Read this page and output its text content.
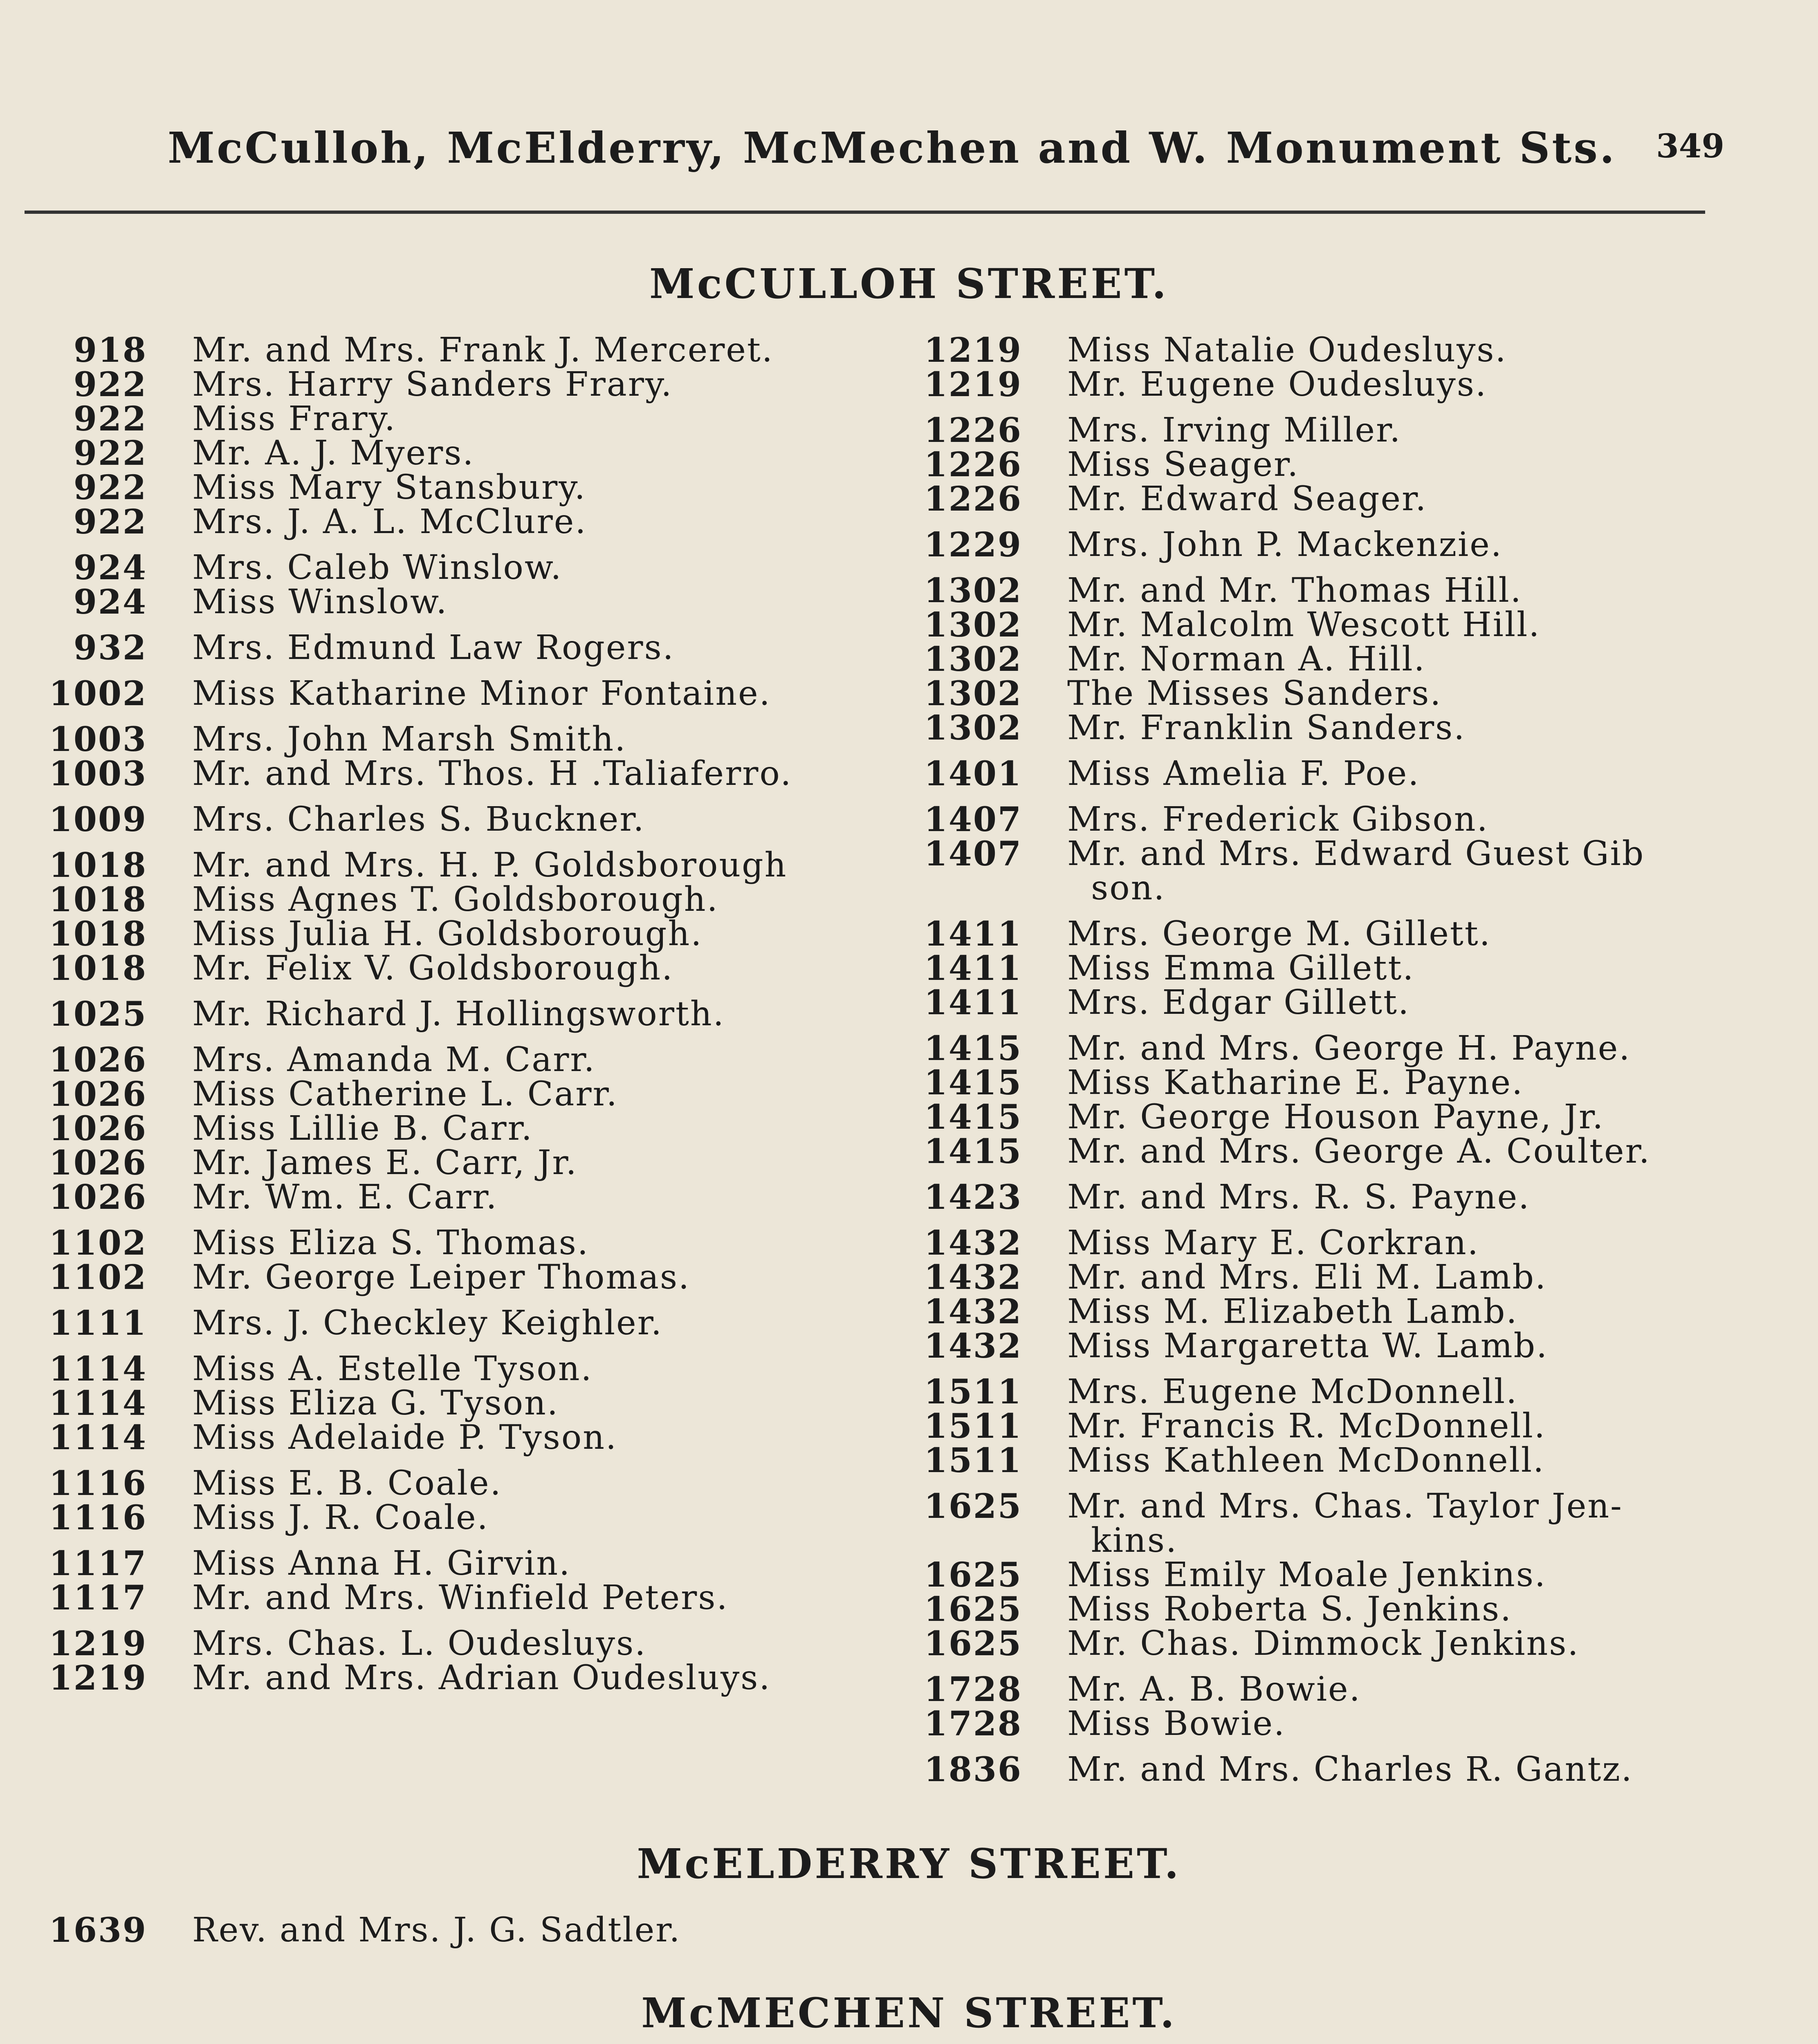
McCulloh, McElderry, McMechen and W. Monument Sts. 349
McCULLOH STREET.
918	Mr. and Mrs. Frank J. Merceret.
922	Mrs. Harry Sanders Frary.
922	Miss Frary.
922	Mr. A. J. Myers.
922	Miss Mary Stansbury.
922	Mrs. J. A. L. McClure.
924	Mrs. Caleb Winslow.
924	Miss Winslow.
932	Mrs. Edmund Law Rogers.
1002	Miss Katharine Minor Fontaine.
1003	Mrs. John Marsh Smith.
1003	Mr. and Mrs. Thos. H .Taliaferro.
1009	Mrs. Charles S. Buckner.
1018	Mr. and Mrs. H. P. Goldsborough
1018	Miss Agnes T. Goldsborough.
1018	Miss Julia H. Goldsborough.
1018	Mr. Felix V. Goldsborough.
1025	Mr. Richard J. Hollingsworth.
1026	Mrs. Amanda M. Carr.
1026	Miss Catherine L. Carr.
1026	Miss Lillie B. Carr.
1026	Mr. James E. Carr, Jr.
1026	Mr. Wm. E. Carr.
1102	Miss Eliza S. Thomas.
1102	Mr. George Leiper Thomas.
1111	Mrs. J. Checkley Keighler.
1114	Miss A. Estelle Tyson.
1114	Miss Eliza G. Tyson.
1114	Miss Adelaide P. Tyson.
1116	Miss E. B. Coale.
1116	Miss J. R. Coale.
1117	Miss Anna H. Girvin.
1117	Mr. and Mrs. Winfield Peters.
1219	Mrs. Chas. L. Oudesluys.
1219	Mr. and Mrs. Adrian Oudesluys.
1219	Miss Natalie Oudesluys.
1219	Mr. Eugene Oudesluys.
1226	Mrs. Irving Miller.
1226	Miss Seager.
1226	Mr. Edward Seager.
1229	Mrs. John P. Mackenzie.
1302	Mr. and Mr. Thomas Hill.
1302	Mr. Malcolm Wescott Hill.
1302	Mr. Norman A. Hill.
1302	The Misses Sanders.
1302	Mr. Franklin Sanders.
1401	Miss Amelia F. Poe.
1407	Mrs. Frederick Gibson.
1407	Mr. and Mrs. Edward Guest Gib
son.
1411	Mrs. George M. Gillett.
1411	Miss Emma Gillett.
1411	Mrs. Edgar Gillett.
1415	Mr. and Mrs. George H. Payne.
1415	Miss Katharine E. Payne.
1415	Mr. George Houson Payne, Jr.
1415	Mr. and Mrs. George A. Coulter.
1423	Mr. and Mrs. R. S. Payne.
1432	Miss Mary E. Corkran.
1432	Mr. and Mrs. Eli M. Lamb.
1432	Miss M. Elizabeth Lamb.
1432	Miss Margaretta W. Lamb.
1511	Mrs. Eugene McDonnell.
1511	Mr. Francis R. McDonnell.
1511	Miss Kathleen McDonnell.
1625	Mr. and Mrs. Chas. Taylor Jen-
kins.
1625	Miss Emily Moale Jenkins.
1625	Miss Roberta S. Jenkins.
1625	Mr. Chas. Dimmock Jenkins.
1728	Mr. A. B. Bowie.
1728	Miss Bowie.
1836	Mr. and Mrs. Charles R. Gantz.
McELDERRY STREET.
1639	Rev. and Mrs. J. G. Sadtler.
McMECHEN STREET.
